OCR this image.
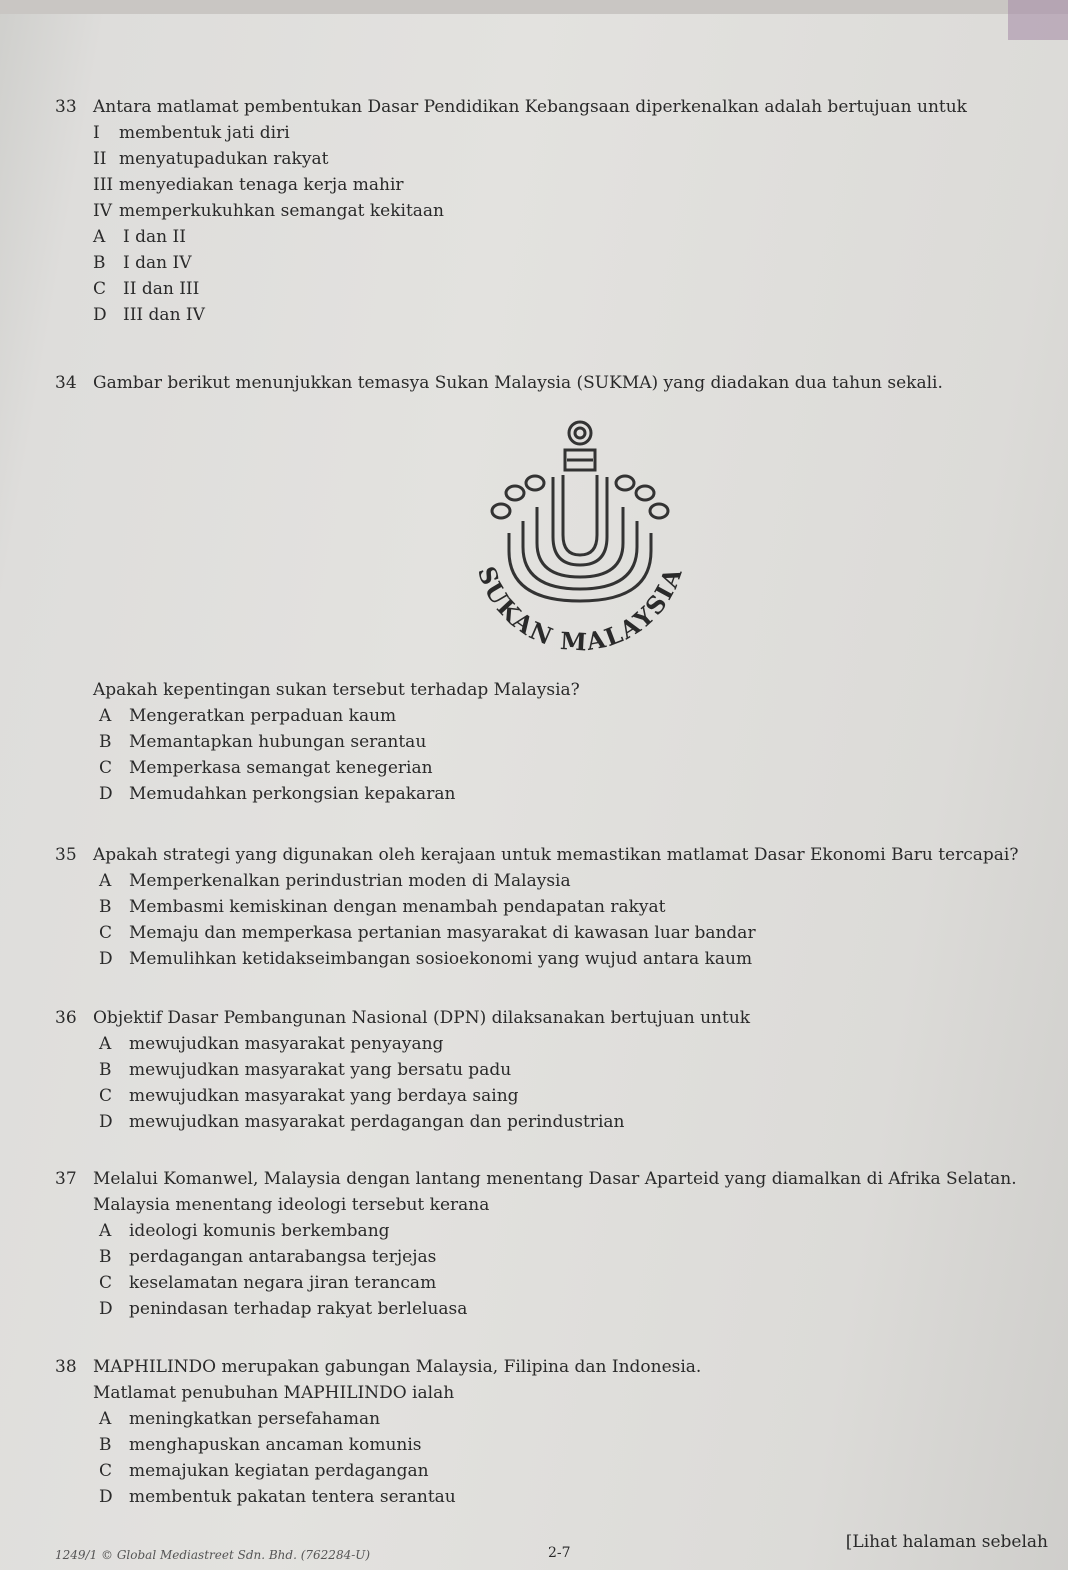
33 Antara matlamat pembentukan Dasar Pendidikan Kebangsaan diperkenalkan adalah bertujuan untuk

I membentuk jati diri

II menyatupadukan rakyat

III menyediakan tenaga kerja mahir

IV memperkukuhkan semangat kekitaan

A I dan II

B I dan IV

C II dan III

D III dan IV

34 Gambar berikut menunjukkan temasya Sukan Malaysia (SUKMA) yang diadakan dua tahun sekali.

SUKAN MALAYSIA

Apakah kepentingan sukan tersebut terhadap Malaysia?

A Mengeratkan perpaduan kaum

B Memantapkan hubungan serantau

C Memperkasa semangat kenegerian

D Memudahkan perkongsian kepakaran

35 Apakah strategi yang digunakan oleh kerajaan untuk memastikan matlamat Dasar Ekonomi Baru tercapai?

A Memperkenalkan perindustrian moden di Malaysia

B Membasmi kemiskinan dengan menambah pendapatan rakyat

C Memaju dan memperkasa pertanian masyarakat di kawasan luar bandar

D Memulihkan ketidakseimbangan sosioekonomi yang wujud antara kaum

36 Objektif Dasar Pembangunan Nasional (DPN) dilaksanakan bertujuan untuk

A mewujudkan masyarakat penyayang

B mewujudkan masyarakat yang bersatu padu

C mewujudkan masyarakat yang berdaya saing

D mewujudkan masyarakat perdagangan dan perindustrian

37 Melalui Komanwel, Malaysia dengan lantang menentang Dasar Aparteid yang diamalkan di Afrika Selatan.

Malaysia menentang ideologi tersebut kerana

A ideologi komunis berkembang

B perdagangan antarabangsa terjejas

C keselamatan negara jiran terancam

D penindasan terhadap rakyat berleluasa

38 MAPHILINDO merupakan gabungan Malaysia, Filipina dan Indonesia.

Matlamat penubuhan MAPHILINDO ialah

A meningkatkan persefahaman

B menghapuskan ancaman komunis

C memajukan kegiatan perdagangan

D membentuk pakatan tentera serantau

1249/1 © Global Mediastreet Sdn. Bhd. (762284-U)	2-7
[Lihat halaman sebelah
